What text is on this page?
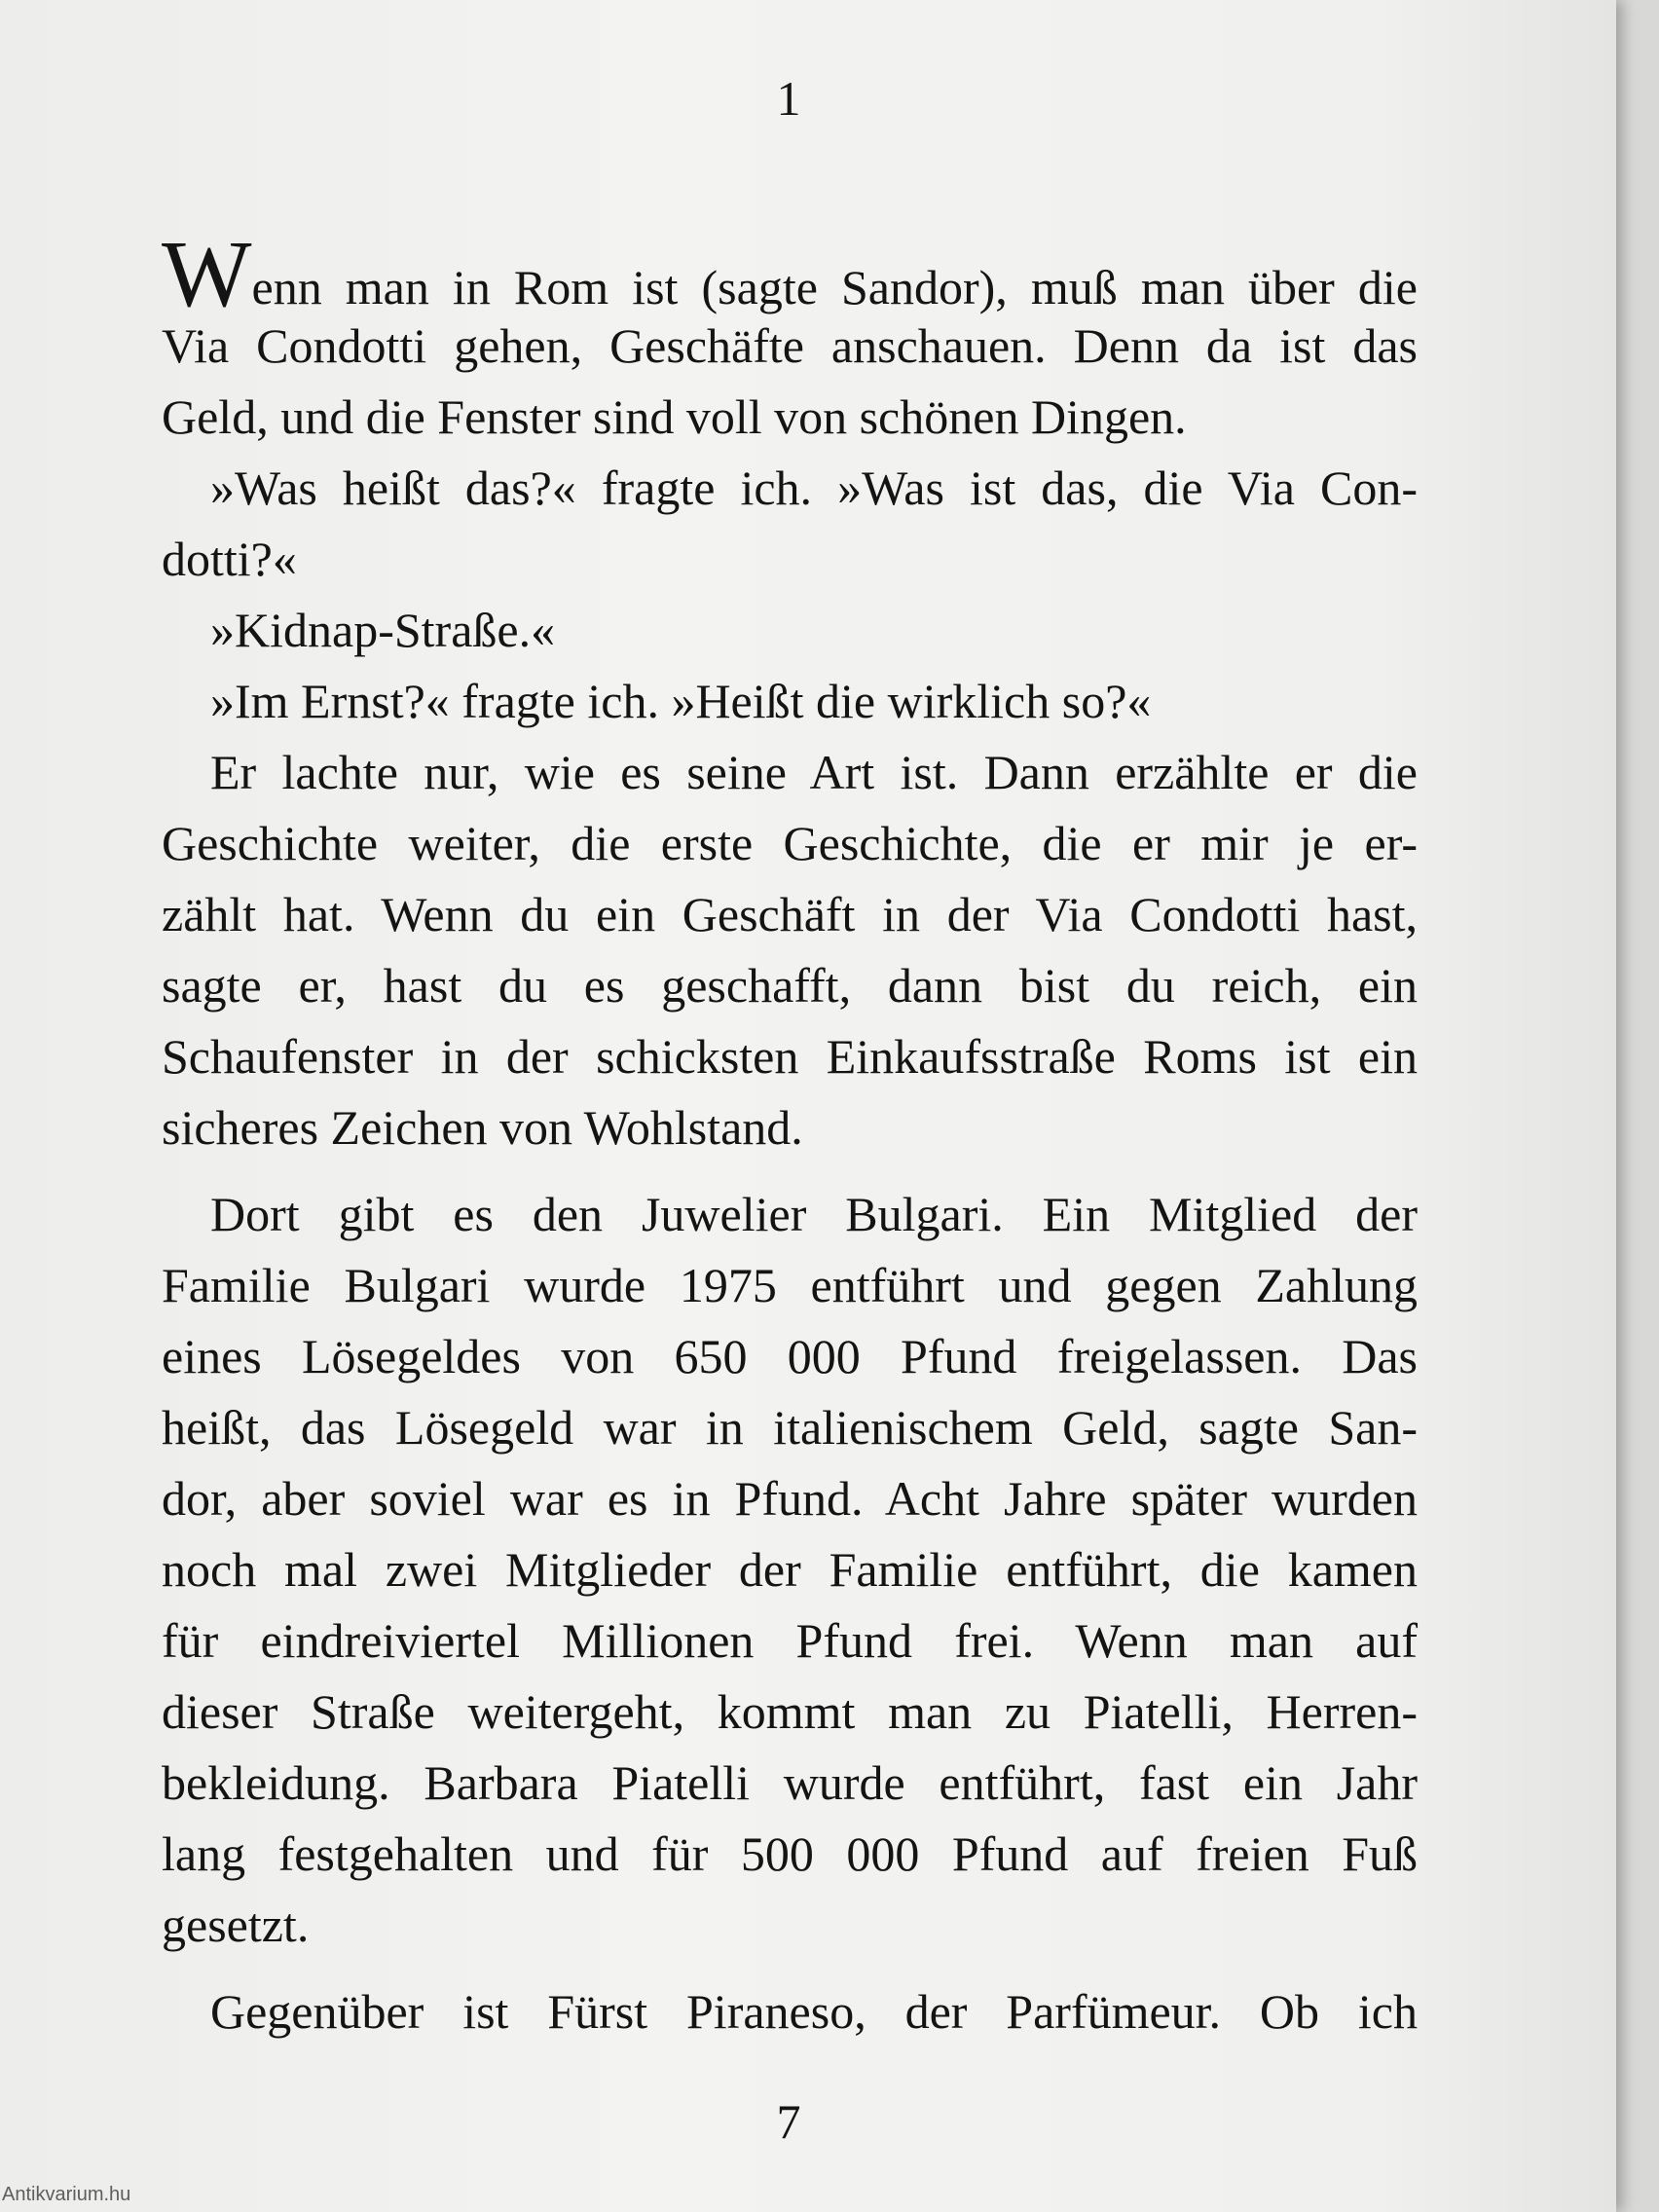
1
Wenn man in Rom ist (sagte Sandor), muß man über die
Via Condotti gehen, Geschäfte anschauen. Denn da ist das
Geld, und die Fenster sind voll von schönen Dingen.
»Was heißt das?« fragte ich. »Was ist das, die Via Con-
dotti?«
»Kidnap-Straße.«
»Im Ernst?« fragte ich. »Heißt die wirklich so?«
Er lachte nur, wie es seine Art ist. Dann erzählte er die
Geschichte weiter, die erste Geschichte, die er mir je er-
zählt hat. Wenn du ein Geschäft in der Via Condotti hast,
sagte er, hast du es geschafft, dann bist du reich, ein
Schaufenster in der schicksten Einkaufsstraße Roms ist ein
sicheres Zeichen von Wohlstand.
Dort gibt es den Juwelier Bulgari. Ein Mitglied der
Familie Bulgari wurde 1975 entführt und gegen Zahlung
eines Lösegeldes von 650 000 Pfund freigelassen. Das
heißt, das Lösegeld war in italienischem Geld, sagte San-
dor, aber soviel war es in Pfund. Acht Jahre später wurden
noch mal zwei Mitglieder der Familie entführt, die kamen
für eindreiviertel Millionen Pfund frei. Wenn man auf
dieser Straße weitergeht, kommt man zu Piatelli, Herren-
bekleidung. Barbara Piatelli wurde entführt, fast ein Jahr
lang festgehalten und für 500 000 Pfund auf freien Fuß
gesetzt.
Gegenüber ist Fürst Piraneso, der Parfümeur. Ob ich
7
Antikvarium.hu
